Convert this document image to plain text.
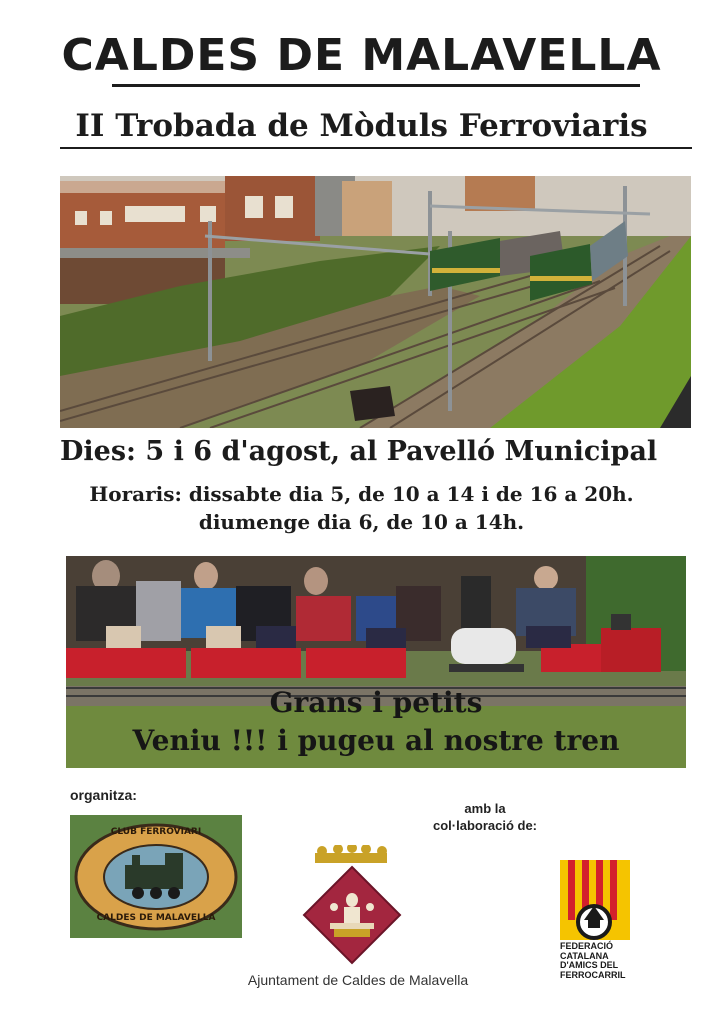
CALDES DE MALAVELLA
II Trobada de Mòduls Ferroviaris
Dies: 5 i 6 d'agost, al Pavelló Municipal
Horaris: dissabte dia 5, de 10 a 14 i de 16 a 20h.
diumenge dia 6, de 10 a 14h.
Grans i petits
Veniu !!! i pugeu al nostre tren
organitza:
amb la
col·laboració de:
CLUB FERROVIARI
CALDES DE MALAVELLA
Ajuntament de Caldes de Malavella
FEDERACIÓ
CATALANA
D'AMICS DEL
FERROCARRIL
